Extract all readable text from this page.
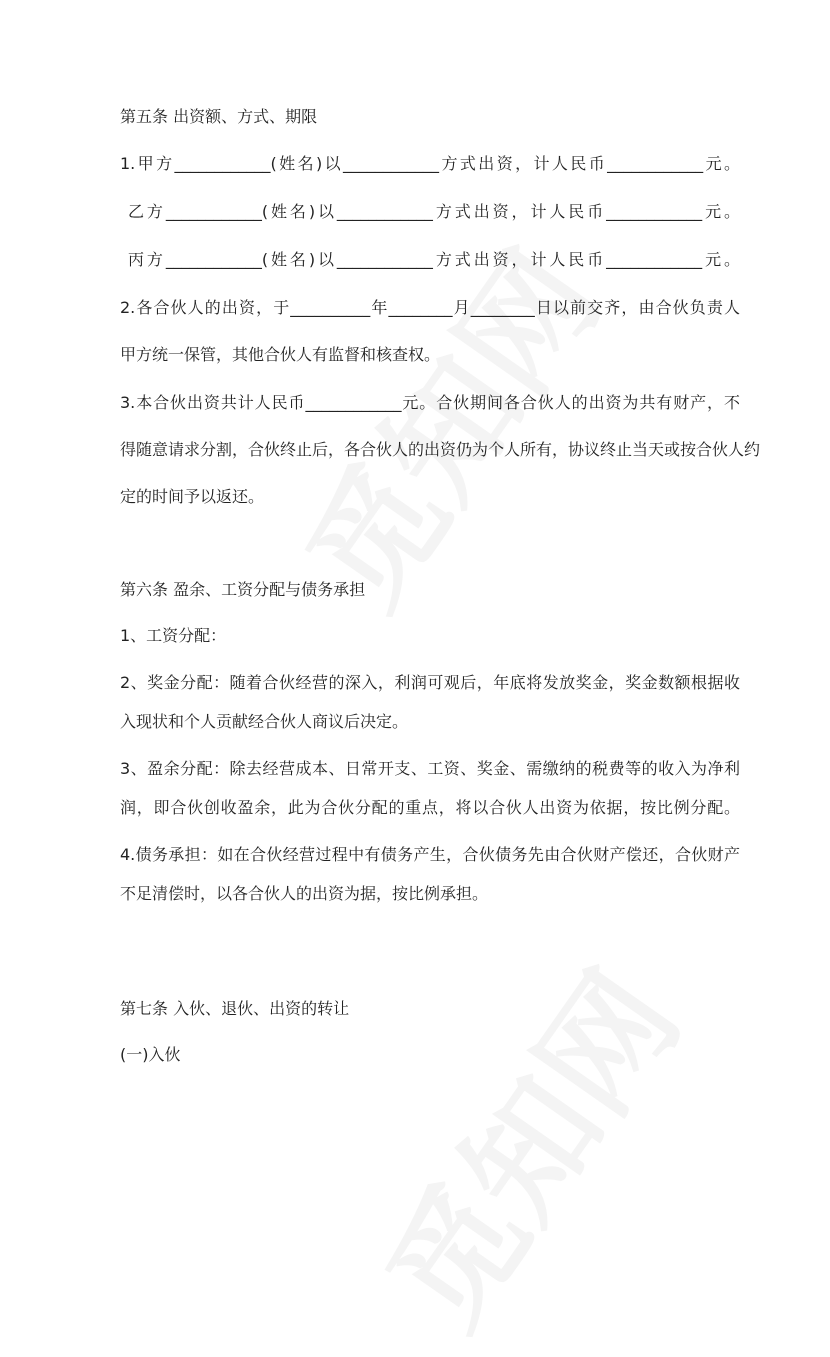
第五条 出资额、方式、期限
1.甲方____________(姓名)以____________方式出资，计人民币____________元。
乙方____________(姓名)以____________方式出资，计人民币____________元。
丙方____________(姓名)以____________方式出资，计人民币____________元。
2.各合伙人的出资，于__________年________月________日以前交齐，由合伙负责人
甲方统一保管，其他合伙人有监督和核查权。
3.本合伙出资共计人民币____________元。合伙期间各合伙人的出资为共有财产，不
得随意请求分割，合伙终止后，各合伙人的出资仍为个人所有，协议终止当天或按合伙人约
定的时间予以返还。
第六条 盈余、工资分配与债务承担
1、工资分配：
2、奖金分配：随着合伙经营的深入，利润可观后，年底将发放奖金，奖金数额根据收
入现状和个人贡献经合伙人商议后决定。
3、盈余分配：除去经营成本、日常开支、工资、奖金、需缴纳的税费等的收入为净利
润，即合伙创收盈余，此为合伙分配的重点，将以合伙人出资为依据，按比例分配。
4.债务承担：如在合伙经营过程中有债务产生，合伙债务先由合伙财产偿还，合伙财产
不足清偿时，以各合伙人的出资为据，按比例承担。
第七条 入伙、退伙、出资的转让
(一)入伙
